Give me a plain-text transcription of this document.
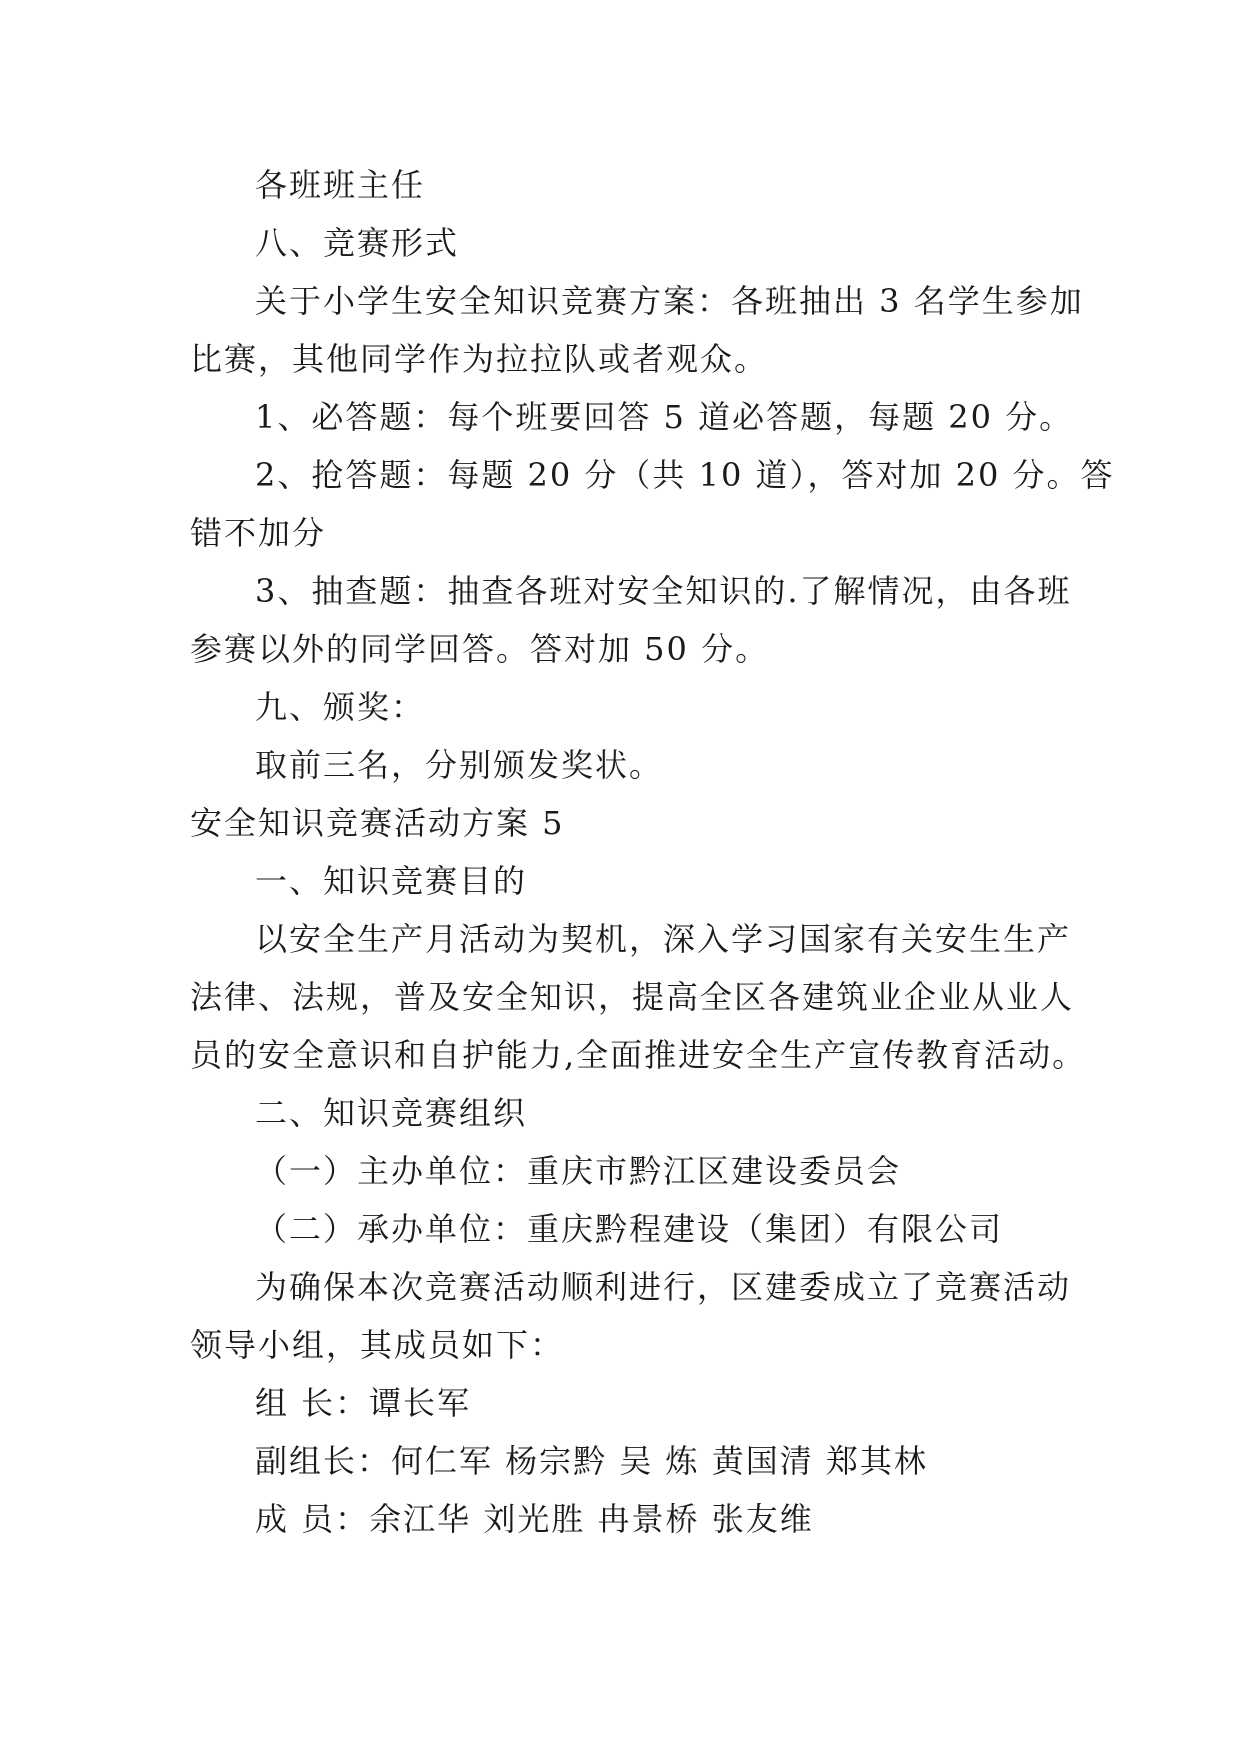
各班班主任
八、竞赛形式
关于小学生安全知识竞赛方案：各班抽出 3 名学生参加
比赛，其他同学作为拉拉队或者观众。
1、必答题：每个班要回答 5 道必答题，每题 20 分。
2、抢答题：每题 20 分（共 10 道），答对加 20 分。答
错不加分
3、抽查题：抽查各班对安全知识的.了解情况，由各班
参赛以外的同学回答。答对加 50 分。
九、颁奖：
取前三名，分别颁发奖状。
安全知识竞赛活动方案 5
一、知识竞赛目的
以安全生产月活动为契机，深入学习国家有关安生生产
法律、法规，普及安全知识，提高全区各建筑业企业从业人
员的安全意识和自护能力,全面推进安全生产宣传教育活动。
二、知识竞赛组织
（一）主办单位：重庆市黔江区建设委员会
（二）承办单位：重庆黔程建设（集团）有限公司
为确保本次竞赛活动顺利进行，区建委成立了竞赛活动
领导小组，其成员如下：
组 长：谭长军
副组长：何仁军 杨宗黔 吴 炼 黄国清 郑其林
成 员：余江华 刘光胜 冉景桥 张友维
